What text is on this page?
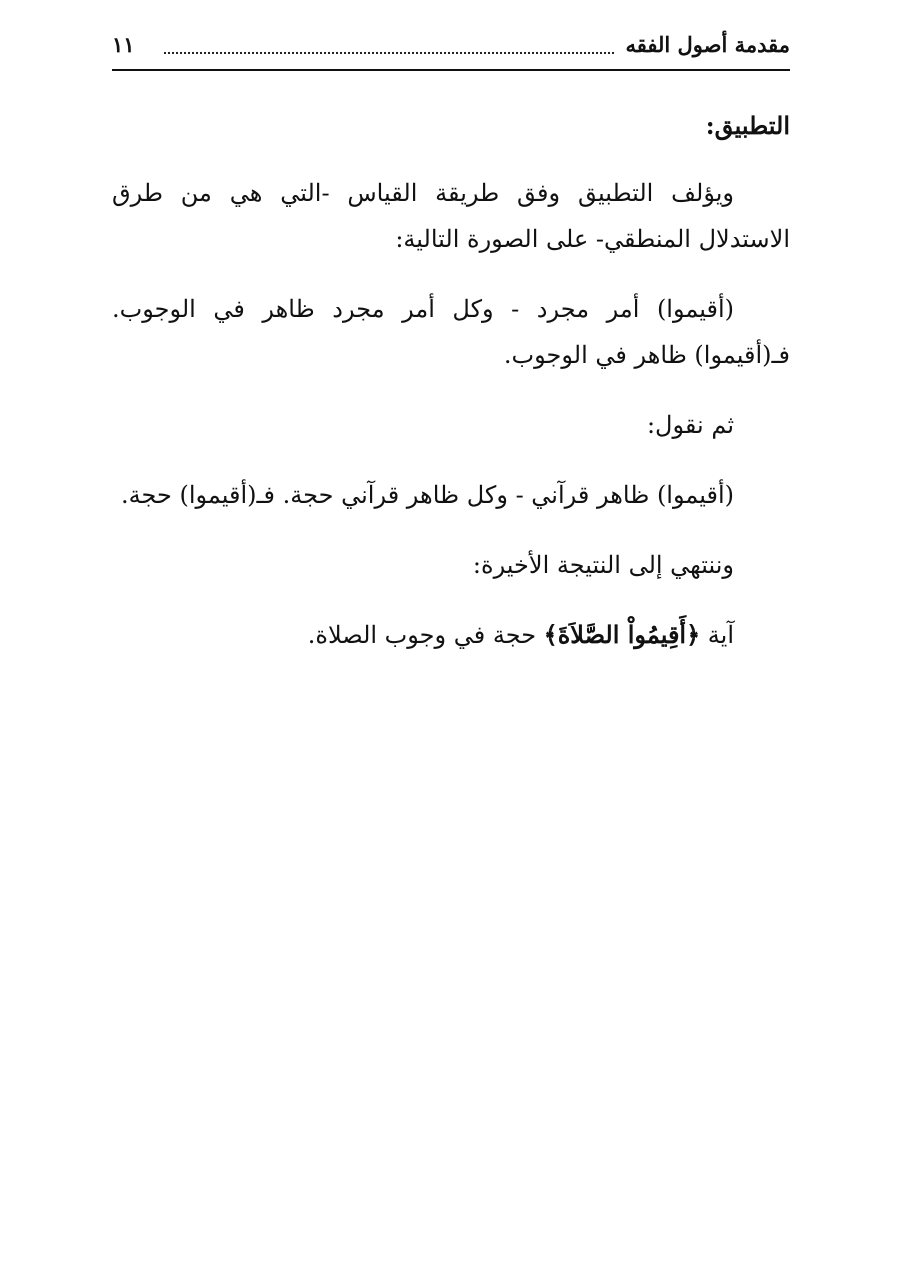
مقدمة أصول الفقه
١١
التطبيق:

ويؤلف التطبيق وفق طريقة القياس -التي هي من طرق الاستدلال المنطقي- على الصورة التالية:

(أقيموا) أمر مجرد - وكل أمر مجرد ظاهر في الوجوب. فـ(أقيموا) ظاهر في الوجوب.

ثم نقول:

(أقيموا) ظاهر قرآني - وكل ظاهر قرآني حجة. فـ(أقيموا) حجة.

وننتهي إلى النتيجة الأخيرة:

آية ﴿أَقِيمُواْ الصَّلاَةَ﴾ حجة في وجوب الصلاة.
